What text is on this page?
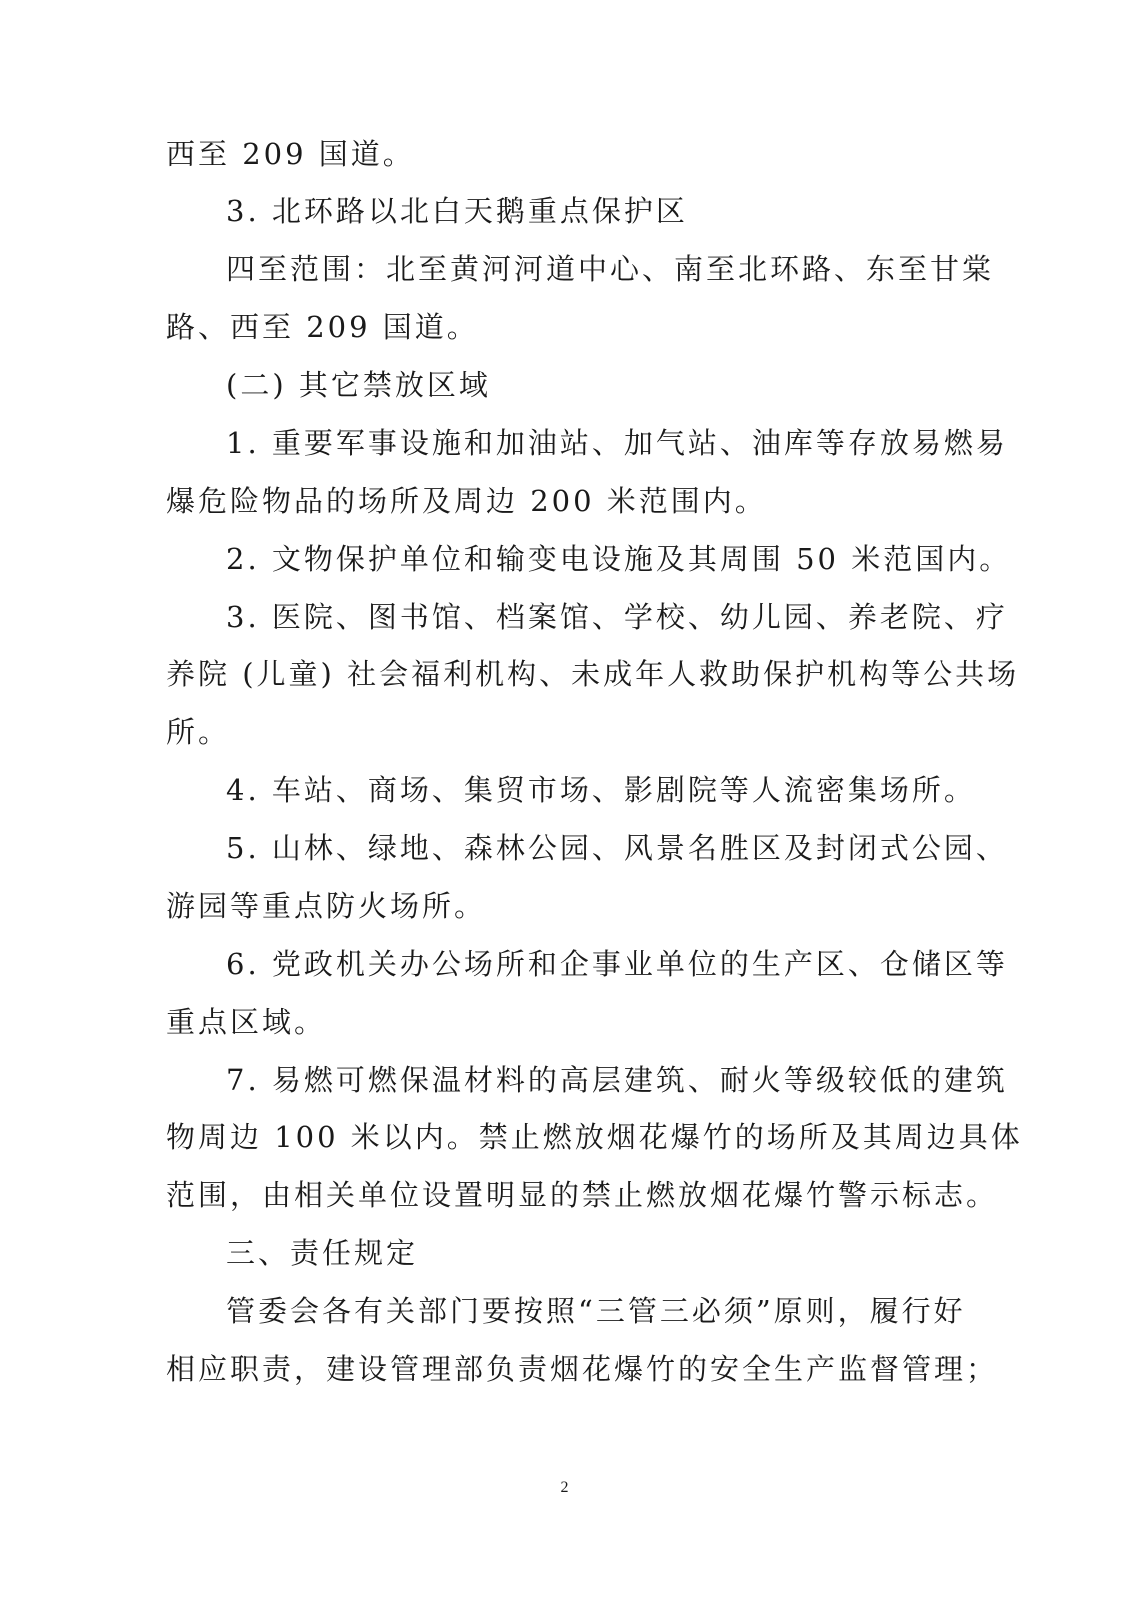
西至 209 国道。
3. 北环路以北白天鹅重点保护区
四至范围：北至黄河河道中心、南至北环路、东至甘棠
路、西至 209 国道。
(二) 其它禁放区域
1. 重要军事设施和加油站、加气站、油库等存放易燃易
爆危险物品的场所及周边 200 米范围内。
2. 文物保护单位和输变电设施及其周围 50 米范国内。
3. 医院、图书馆、档案馆、学校、幼儿园、养老院、疗
养院 (儿童) 社会福利机构、未成年人救助保护机构等公共场
所。
4. 车站、商场、集贸市场、影剧院等人流密集场所。
5. 山林、绿地、森林公园、风景名胜区及封闭式公园、
游园等重点防火场所。
6. 党政机关办公场所和企事业单位的生产区、仓储区等
重点区域。
7. 易燃可燃保温材料的高层建筑、耐火等级较低的建筑
物周边 100 米以内。禁止燃放烟花爆竹的场所及其周边具体
范围，由相关单位设置明显的禁止燃放烟花爆竹警示标志。
三、责任规定
管委会各有关部门要按照“三管三必须”原则，履行好
相应职责，建设管理部负责烟花爆竹的安全生产监督管理；
2
